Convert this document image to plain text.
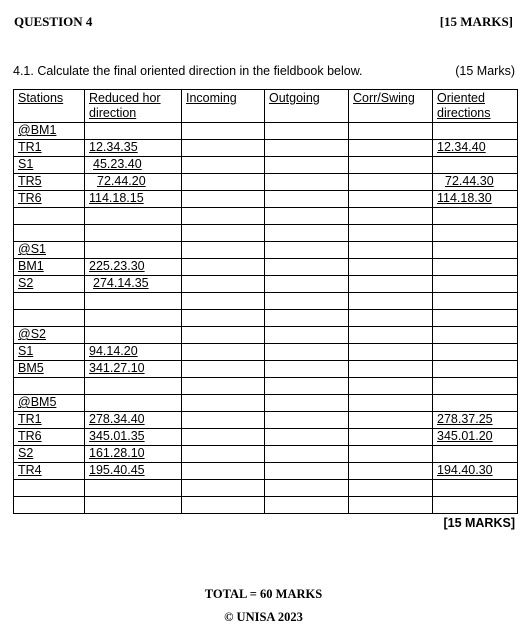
QUESTION 4	[15 MARKS]
4.1. Calculate the final oriented direction in the fieldbook below.	(15 Marks)
Stations	Reduced hor direction	Incoming	Outgoing	Corr/Swing	Oriented directions
@BM1					
TR1	12.34.35				12.34.40
S1	45.23.40				
TR5	72.44.20				72.44.30
TR6	114.18.15				114.18.30

@S1					
BM1	225.23.30				
S2	274.14.35				

@S2					
S1	94.14.20				
BM5	341.27.10				

@BM5					
TR1	278.34.40				278.37.25
TR6	345.01.35				345.01.20
S2	161.28.10				
TR4	195.40.45				194.40.30

[15 MARKS]
TOTAL = 60 MARKS
© UNISA 2023
